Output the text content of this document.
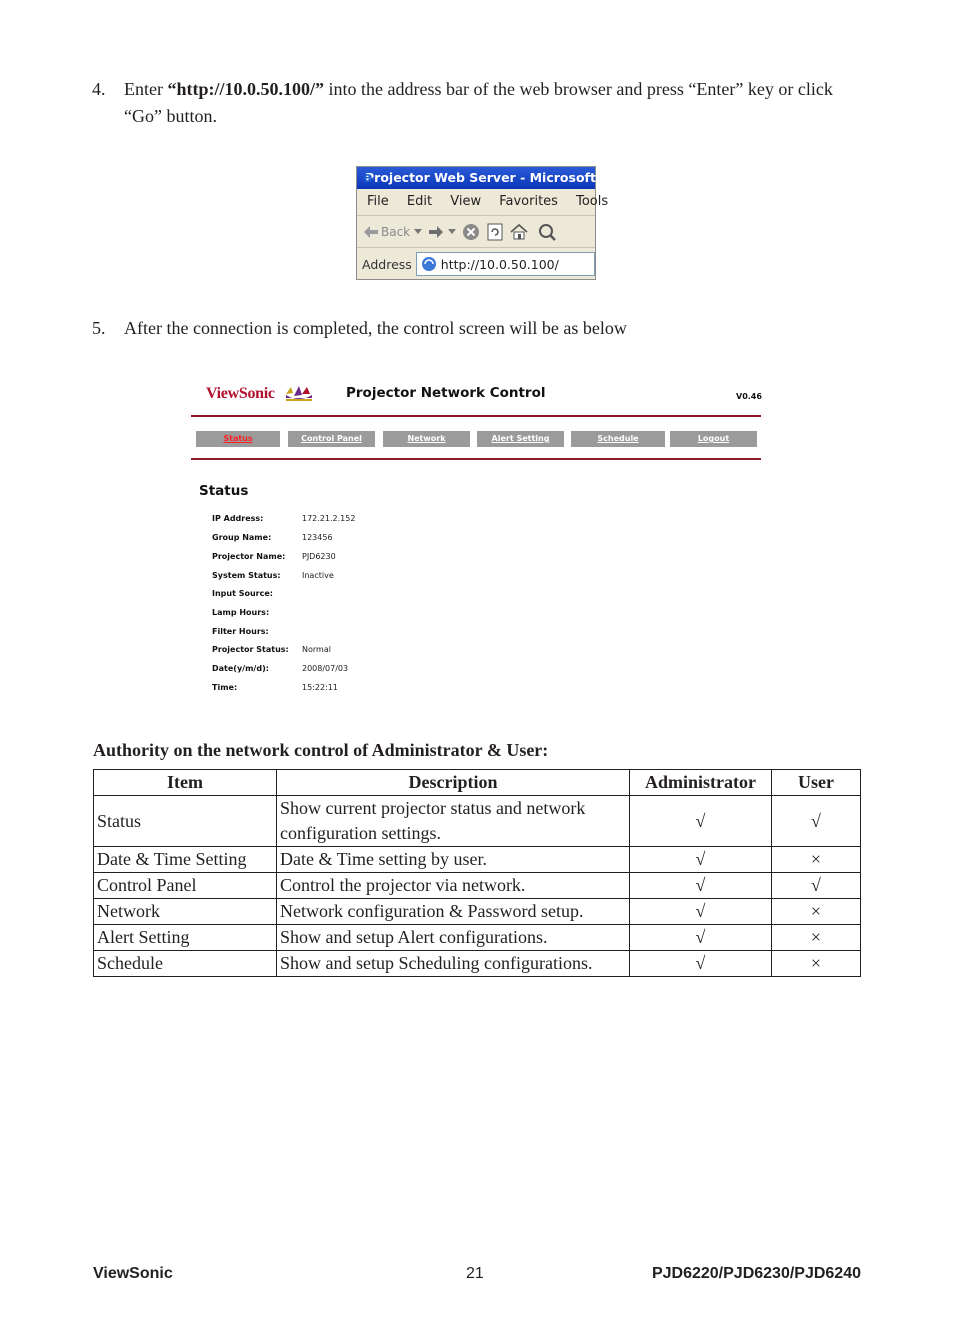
4. Enter “http://10.0.50.100/” into the address bar of the web browser and press “Enter” key or click “Go” button.
Projector Web Server - Microsoft
File Edit View Favorites Tools
Back
Address http://10.0.50.100/
5. After the connection is completed, the control screen will be as below
ViewSonic	Projector Network Control	V0.46
Status	Control Panel	Network	Alert Setting	Schedule	Logout
Status
IP Address:	172.21.2.152
Group Name:	123456
Projector Name: PJD6230
System Status:	Inactive
Input Source:
Lamp Hours:
Filter Hours:
Projector Status: Normal
Date(y/m/d):	2008/07/03
Time:	15:22:11
Authority on the network control of Administrator & User:
Item	Description	Administrator	User
Status	Show current projector status and network configuration settings.	√	√
Date & Time Setting	Date & Time setting by user.	√	×
Control Panel	Control the projector via network.	√	√
Network	Network configuration & Password setup.	√	×
Alert Setting	Show and setup Alert configurations.	√	×
Schedule	Show and setup Scheduling configurations.	√	×
ViewSonic	21	PJD6220/PJD6230/PJD6240
